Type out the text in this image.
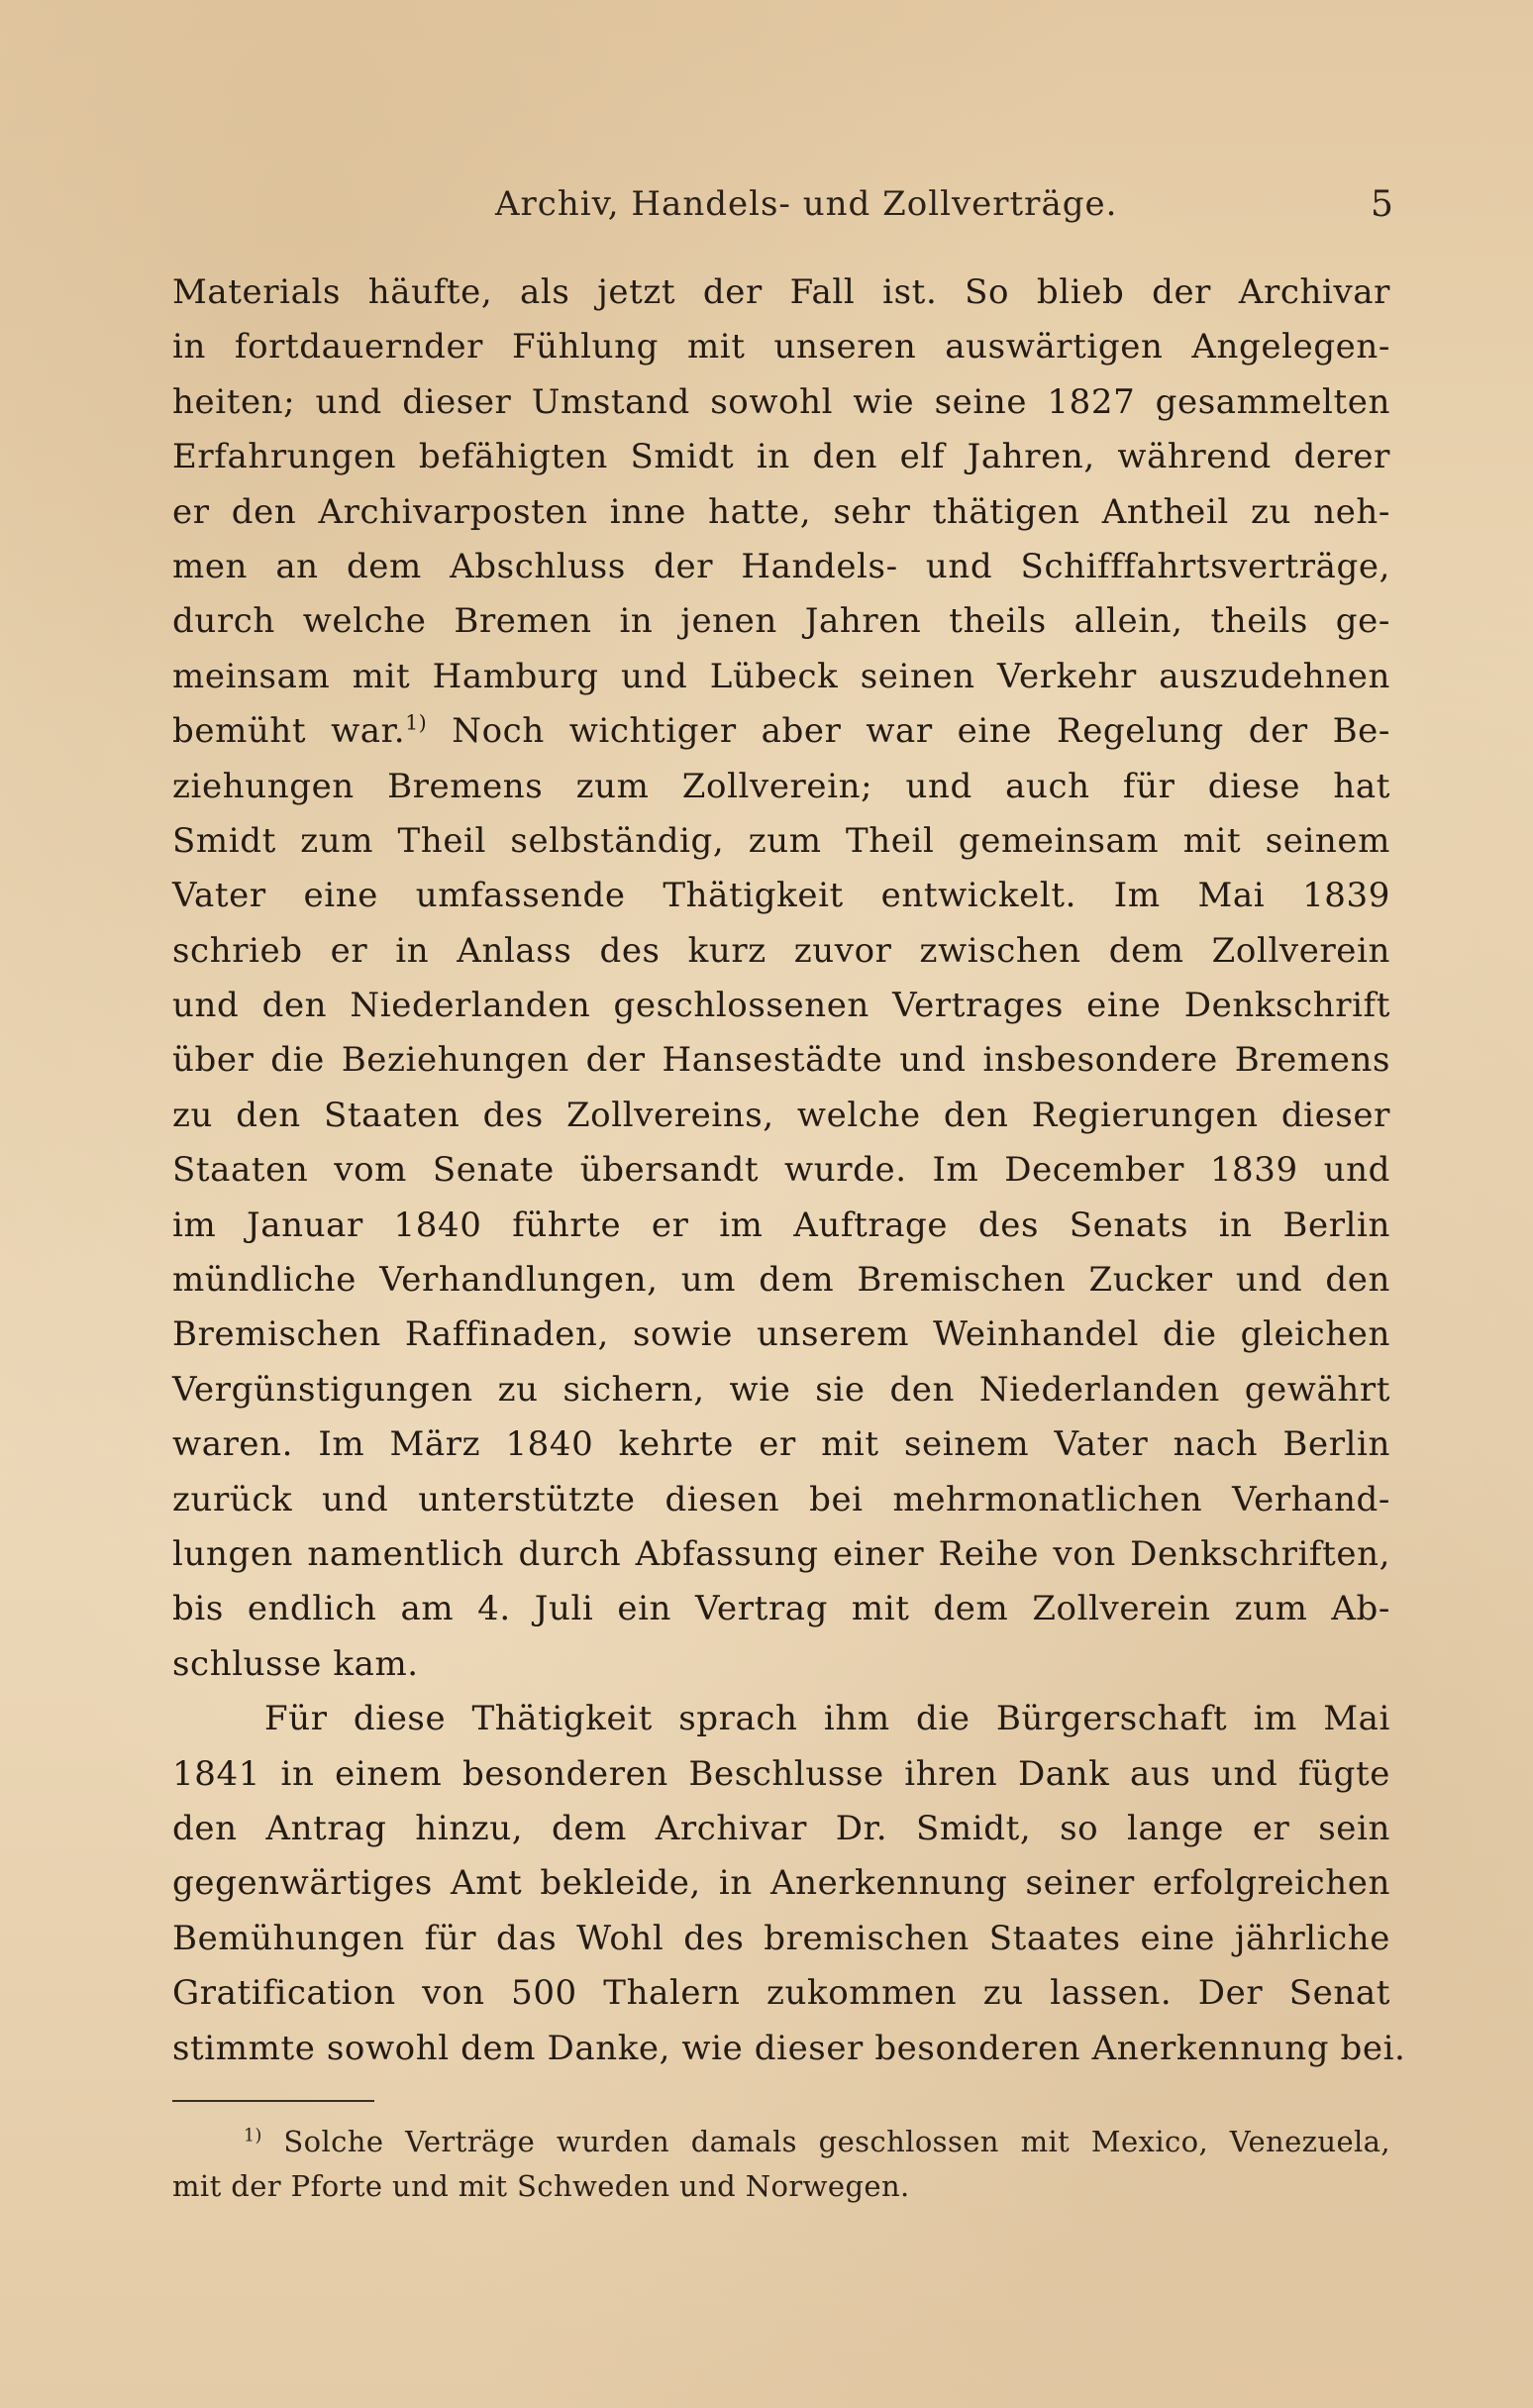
Archiv, Handels- und Zollverträge.	5
Materials häufte, als jetzt der Fall ist. So blieb der Archivar
in fortdauernder Fühlung mit unseren auswärtigen Angelegen-
heiten; und dieser Umstand sowohl wie seine 1827 gesammelten
Erfahrungen befähigten Smidt in den elf Jahren, während derer
er den Archivarposten inne hatte, sehr thätigen Antheil zu neh-
men an dem Abschluss der Handels- und Schifffahrtsverträge,
durch welche Bremen in jenen Jahren theils allein, theils ge-
meinsam mit Hamburg und Lübeck seinen Verkehr auszudehnen
bemüht war.$^{1)}$ Noch wichtiger aber war eine Regelung der Be-
ziehungen Bremens zum Zollverein; und auch für diese hat
Smidt zum Theil selbständig, zum Theil gemeinsam mit seinem
Vater eine umfassende Thätigkeit entwickelt. Im Mai 1839
schrieb er in Anlass des kurz zuvor zwischen dem Zollverein
und den Niederlanden geschlossenen Vertrages eine Denkschrift
über die Beziehungen der Hansestädte und insbesondere Bremens
zu den Staaten des Zollvereins, welche den Regierungen dieser
Staaten vom Senate übersandt wurde. Im December 1839 und
im Januar 1840 führte er im Auftrage des Senats in Berlin
mündliche Verhandlungen, um dem Bremischen Zucker und den
Bremischen Raffinaden, sowie unserem Weinhandel die gleichen
Vergünstigungen zu sichern, wie sie den Niederlanden gewährt
waren. Im März 1840 kehrte er mit seinem Vater nach Berlin
zurück und unterstützte diesen bei mehrmonatlichen Verhand-
lungen namentlich durch Abfassung einer Reihe von Denkschriften,
bis endlich am 4. Juli ein Vertrag mit dem Zollverein zum Ab-
schlusse kam.
Für diese Thätigkeit sprach ihm die Bürgerschaft im Mai
1841 in einem besonderen Beschlusse ihren Dank aus und fügte
den Antrag hinzu, dem Archivar Dr. Smidt, so lange er sein
gegenwärtiges Amt bekleide, in Anerkennung seiner erfolgreichen
Bemühungen für das Wohl des bremischen Staates eine jährliche
Gratification von 500 Thalern zukommen zu lassen. Der Senat
stimmte sowohl dem Danke, wie dieser besonderen Anerkennung bei.
$^{1)}$ Solche Verträge wurden damals geschlossen mit Mexico, Venezuela,
mit der Pforte und mit Schweden und Norwegen.
